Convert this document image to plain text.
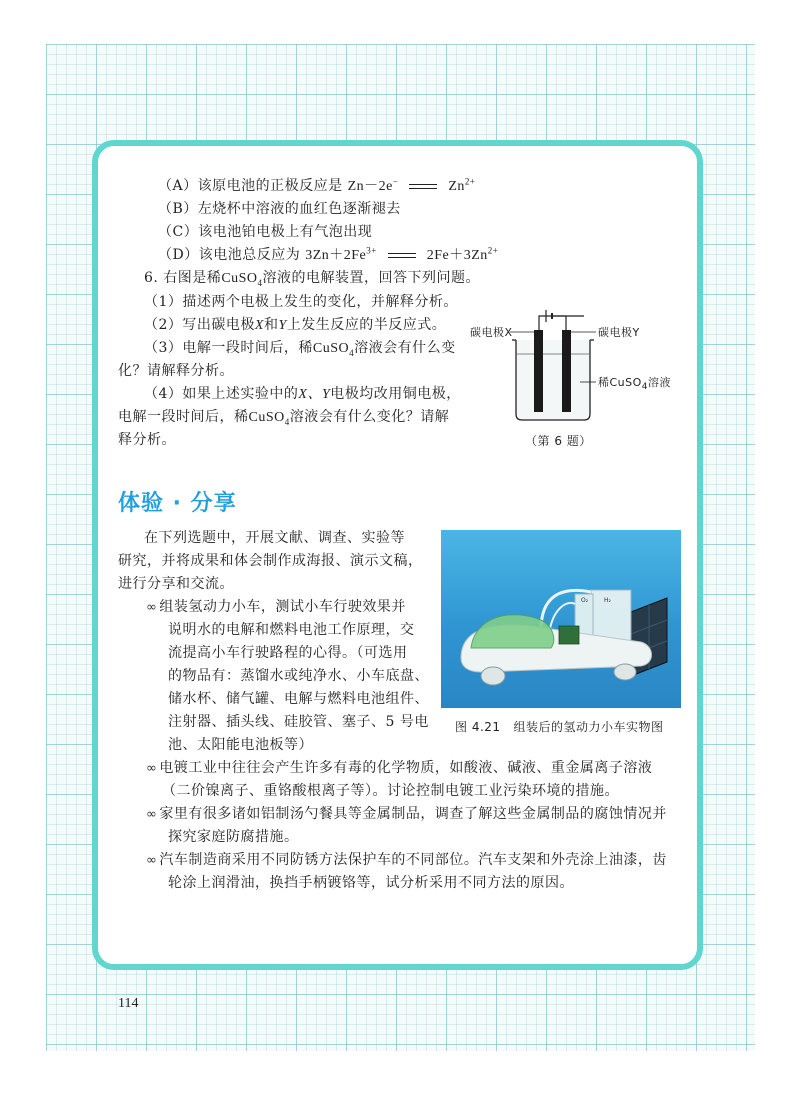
（A）该原电池的正极反应是 Zn－2e−	$Zn^{2+}$
（B）左烧杯中溶液的血红色逐渐褪去
（C）该电池铂电极上有气泡出现
（D）该电池总反应为 $3Zn+2Fe^{3+}$	$2Fe+3Zn^{2+}$
6. 右图是稀CuSO$_4$溶液的电解装置，回答下列问题。
（1）描述两个电极上发生的变化，并解释分析。
（2）写出碳电极X和Y上发生反应的半反应式。
（3）电解一段时间后，稀CuSO$_4$溶液会有什么变
化？请解释分析。
（4）如果上述实验中的X、Y电极均改用铜电极，
电解一段时间后，稀CuSO$_4$溶液会有什么变化？请解
释分析。
碳电极X	碳电极Y
稀CuSO$_4$溶液
（第 6 题）
体验 · 分享
在下列选题中，开展文献、调查、实验等
研究，并将成果和体会制作成海报、演示文稿，
进行分享和交流。
∞ 组装氢动力小车，测试小车行驶效果并
说明水的电解和燃料电池工作原理，交
流提高小车行驶路程的心得。（可选用
的物品有：蒸馏水或纯净水、小车底盘、
储水杯、储气罐、电解与燃料电池组件、
注射器、插头线、硅胶管、塞子、5 号电
池、太阳能电池板等）
O₂	H₂
图 4.21 组装后的氢动力小车实物图
∞ 电镀工业中往往会产生许多有毒的化学物质，如酸液、碱液、重金属离子溶液
（二价镍离子、重铬酸根离子等）。讨论控制电镀工业污染环境的措施。
∞ 家里有很多诸如铝制汤勺餐具等金属制品，调查了解这些金属制品的腐蚀情况并
探究家庭防腐措施。
∞ 汽车制造商采用不同防锈方法保护车的不同部位。汽车支架和外壳涂上油漆，齿
轮涂上润滑油，换挡手柄镀铬等，试分析采用不同方法的原因。
114
